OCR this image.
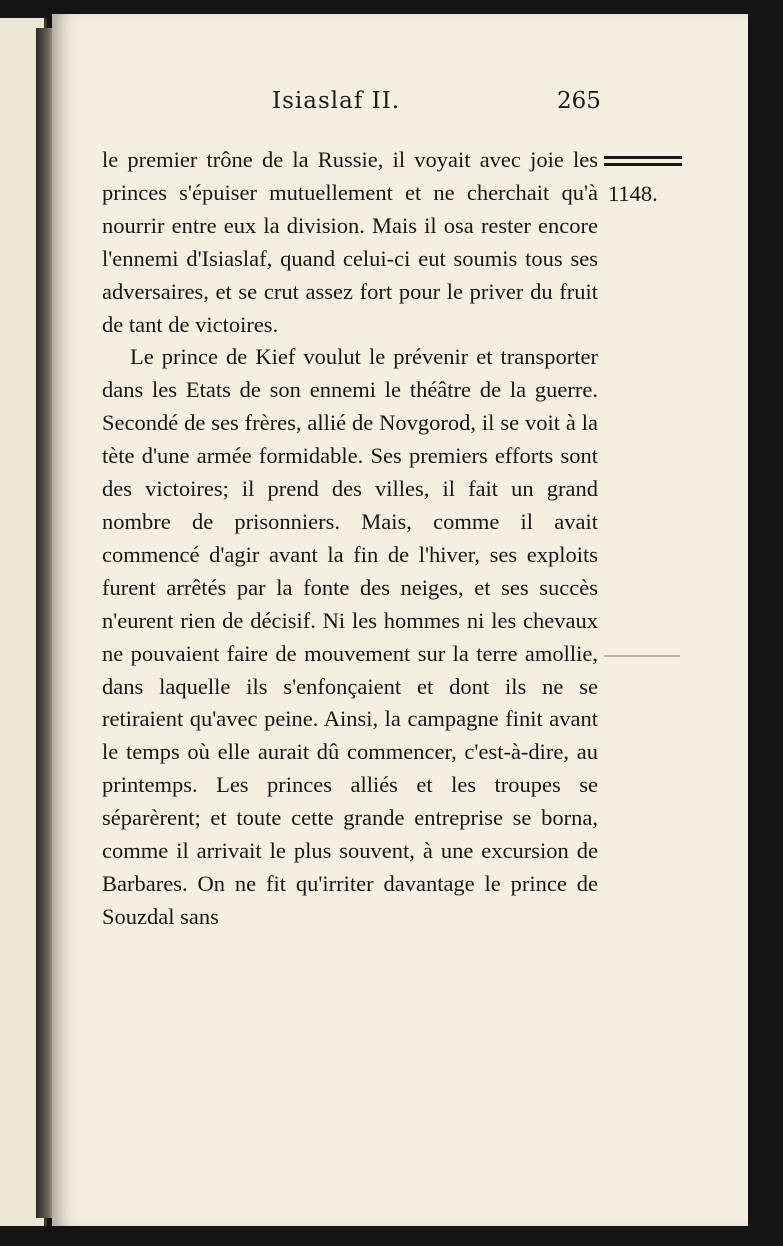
Isiaslaf II.	265
1148.

le premier trône de la Russie, il voyait avec joie les princes s'épuiser mutuellement et ne cherchait qu'à nourrir entre eux la division. Mais il osa rester encore l'ennemi d'Isiaslaf, quand celui-ci eut soumis tous ses adversaires, et se crut assez fort pour le priver du fruit de tant de victoires.

Le prince de Kief voulut le prévenir et transporter dans les Etats de son ennemi le théâtre de la guerre. Secondé de ses frères, allié de Novgorod, il se voit à la tète d'une armée formidable. Ses premiers efforts sont des victoires; il prend des villes, il fait un grand nombre de prisonniers. Mais, comme il avait commencé d'agir avant la fin de l'hiver, ses exploits furent arrêtés par la fonte des neiges, et ses succès n'eurent rien de décisif. Ni les hommes ni les chevaux ne pouvaient faire de mouvement sur la terre amollie, dans laquelle ils s'enfonçaient et dont ils ne se retiraient qu'avec peine. Ainsi, la campagne finit avant le temps où elle aurait dû commencer, c'est-à-dire, au printemps. Les princes alliés et les troupes se séparèrent; et toute cette grande entreprise se borna, comme il arrivait le plus souvent, à une excursion de Barbares. On ne fit qu'irriter davantage le prince de Souzdal sans
